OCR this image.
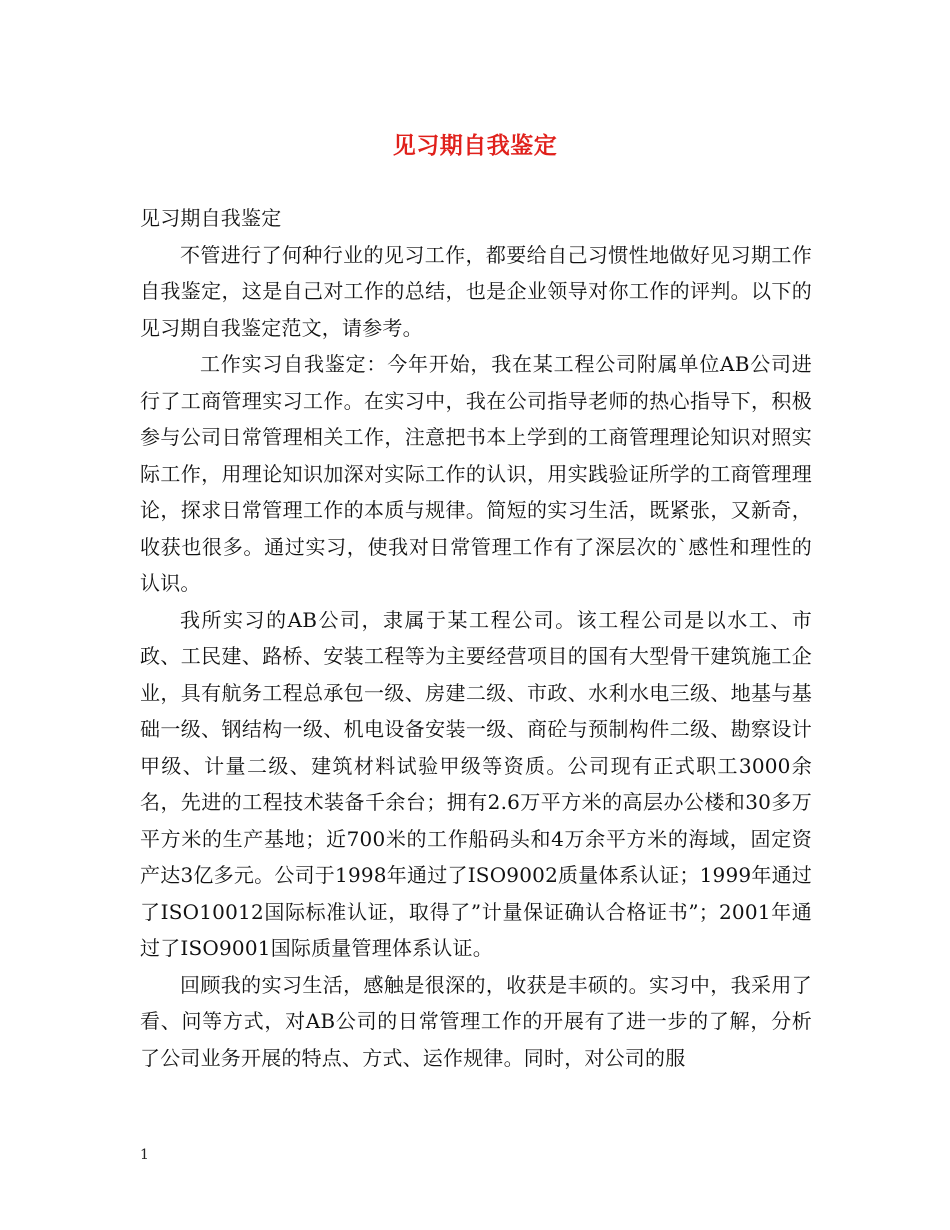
见习期自我鉴定

见习期自我鉴定

不管进行了何种行业的见习工作，都要给自己习惯性地做好见习期工作自我鉴定，这是自己对工作的总结，也是企业领导对你工作的评判。以下的见习期自我鉴定范文，请参考。

工作实习自我鉴定：今年开始，我在某工程公司附属单位AB公司进行了工商管理实习工作。在实习中，我在公司指导老师的热心指导下，积极参与公司日常管理相关工作，注意把书本上学到的工商管理理论知识对照实际工作，用理论知识加深对实际工作的认识，用实践验证所学的工商管理理论，探求日常管理工作的本质与规律。简短的实习生活，既紧张，又新奇，收获也很多。通过实习，使我对日常管理工作有了深层次的`感性和理性的认识。

我所实习的AB公司，隶属于某工程公司。该工程公司是以水工、市政、工民建、路桥、安装工程等为主要经营项目的国有大型骨干建筑施工企业，具有航务工程总承包一级、房建二级、市政、水利水电三级、地基与基础一级、钢结构一级、机电设备安装一级、商砼与预制构件二级、勘察设计甲级、计量二级、建筑材料试验甲级等资质。公司现有正式职工3000余名，先进的工程技术装备千余台；拥有2.6万平方米的高层办公楼和30多万平方米的生产基地；近700米的工作船码头和4万余平方米的海域，固定资产达3亿多元。公司于1998年通过了ISO9002质量体系认证；1999年通过了ISO10012国际标准认证，取得了”计量保证确认合格证书”；2001年通过了ISO9001国际质量管理体系认证。

回顾我的实习生活，感触是很深的，收获是丰硕的。实习中，我采用了看、问等方式，对AB公司的日常管理工作的开展有了进一步的了解，分析了公司业务开展的特点、方式、运作规律。同时，对公司的服

1
